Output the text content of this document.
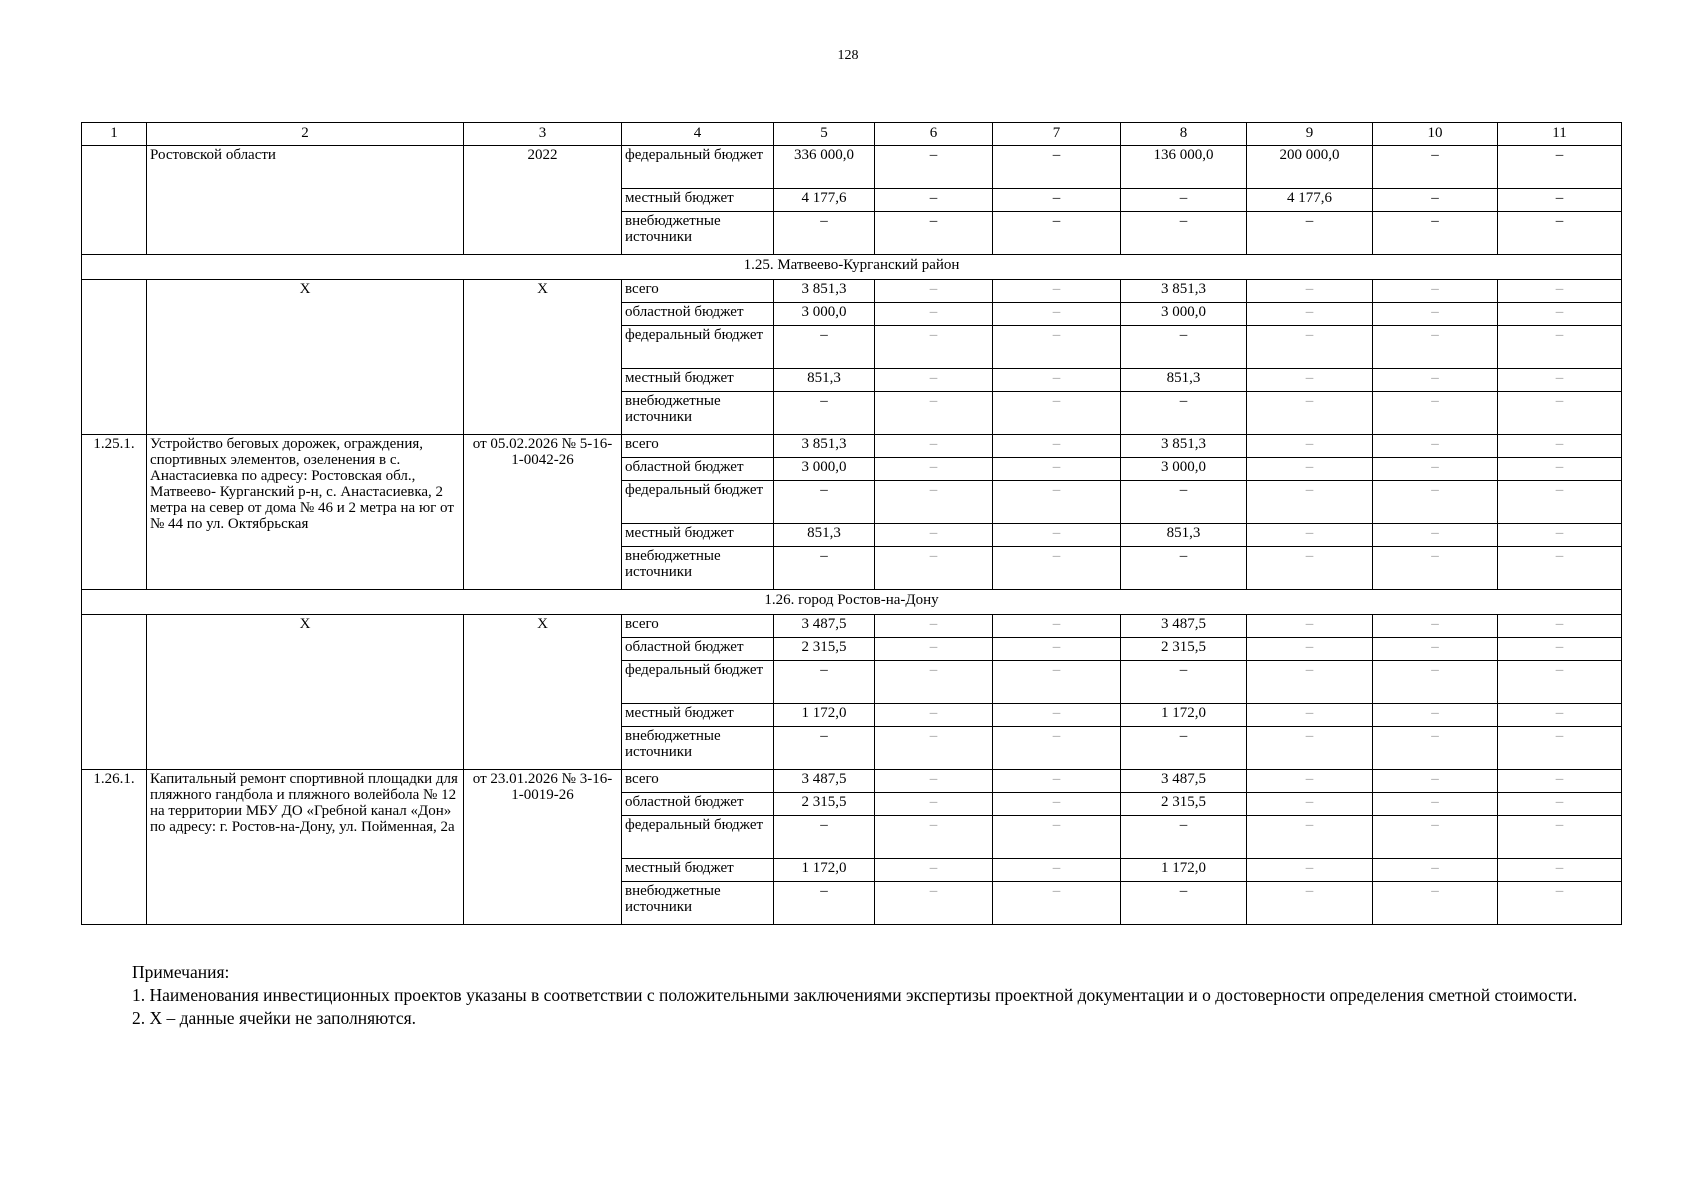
128
1	2	3	4	5	6	7	8	9	10	11
	Ростовской области	2022	федеральный бюджет	336 000,0	–	–	136 000,0	200 000,0	–	–
			местный бюджет	4 177,6	–	–	–	4 177,6	–	–
			внебюджетные источники	–	–	–	–	–	–	–
1.25. Матвеево-Курганский район										
	Х	Х	всего	3 851,3	–	–	3 851,3	–	–	–
			областной бюджет	3 000,0	–	–	3 000,0	–	–	–
			федеральный бюджет	–	–	–	–	–	–	–
			местный бюджет	851,3	–	–	851,3	–	–	–
			внебюджетные источники	–	–	–	–	–	–	–
1.25.1.	Устройство беговых дорожек, ограждения, спортивных элементов, озеленения в с. Анастасиевка по адресу: Ростовская обл., Матвеево- Курганский р-н, с. Анастасиевка, 2 метра на север от дома № 46 и 2 метра на юг от № 44 по ул. Октябрьская	от 05.02.2026 № 5-16-1-0042-26	всего	3 851,3	–	–	3 851,3	–	–	–
			областной бюджет	3 000,0	–	–	3 000,0	–	–	–
			федеральный бюджет	–	–	–	–	–	–	–
			местный бюджет	851,3	–	–	851,3	–	–	–
			внебюджетные источники	–	–	–	–	–	–	–
1.26. город Ростов-на-Дону										
	Х	Х	всего	3 487,5	–	–	3 487,5	–	–	–
			областной бюджет	2 315,5	–	–	2 315,5	–	–	–
			федеральный бюджет	–	–	–	–	–	–	–
			местный бюджет	1 172,0	–	–	1 172,0	–	–	–
			внебюджетные источники	–	–	–	–	–	–	–
1.26.1.	Капитальный ремонт спортивной площадки для пляжного гандбола и пляжного волейбола № 12 на территории МБУ ДО «Гребной канал «Дон» по адресу: г. Ростов-на-Дону, ул. Пойменная, 2а	от 23.01.2026 № 3-16-1-0019-26	всего	3 487,5	–	–	3 487,5	–	–	–
			областной бюджет	2 315,5	–	–	2 315,5	–	–	–
			федеральный бюджет	–	–	–	–	–	–	–
			местный бюджет	1 172,0	–	–	1 172,0	–	–	–
			внебюджетные источники	–	–	–	–	–	–	–
Примечания:
1. Наименования инвестиционных проектов указаны в соответствии с положительными заключениями экспертизы проектной документации и о достоверности определения сметной стоимости.
2. Х – данные ячейки не заполняются.
